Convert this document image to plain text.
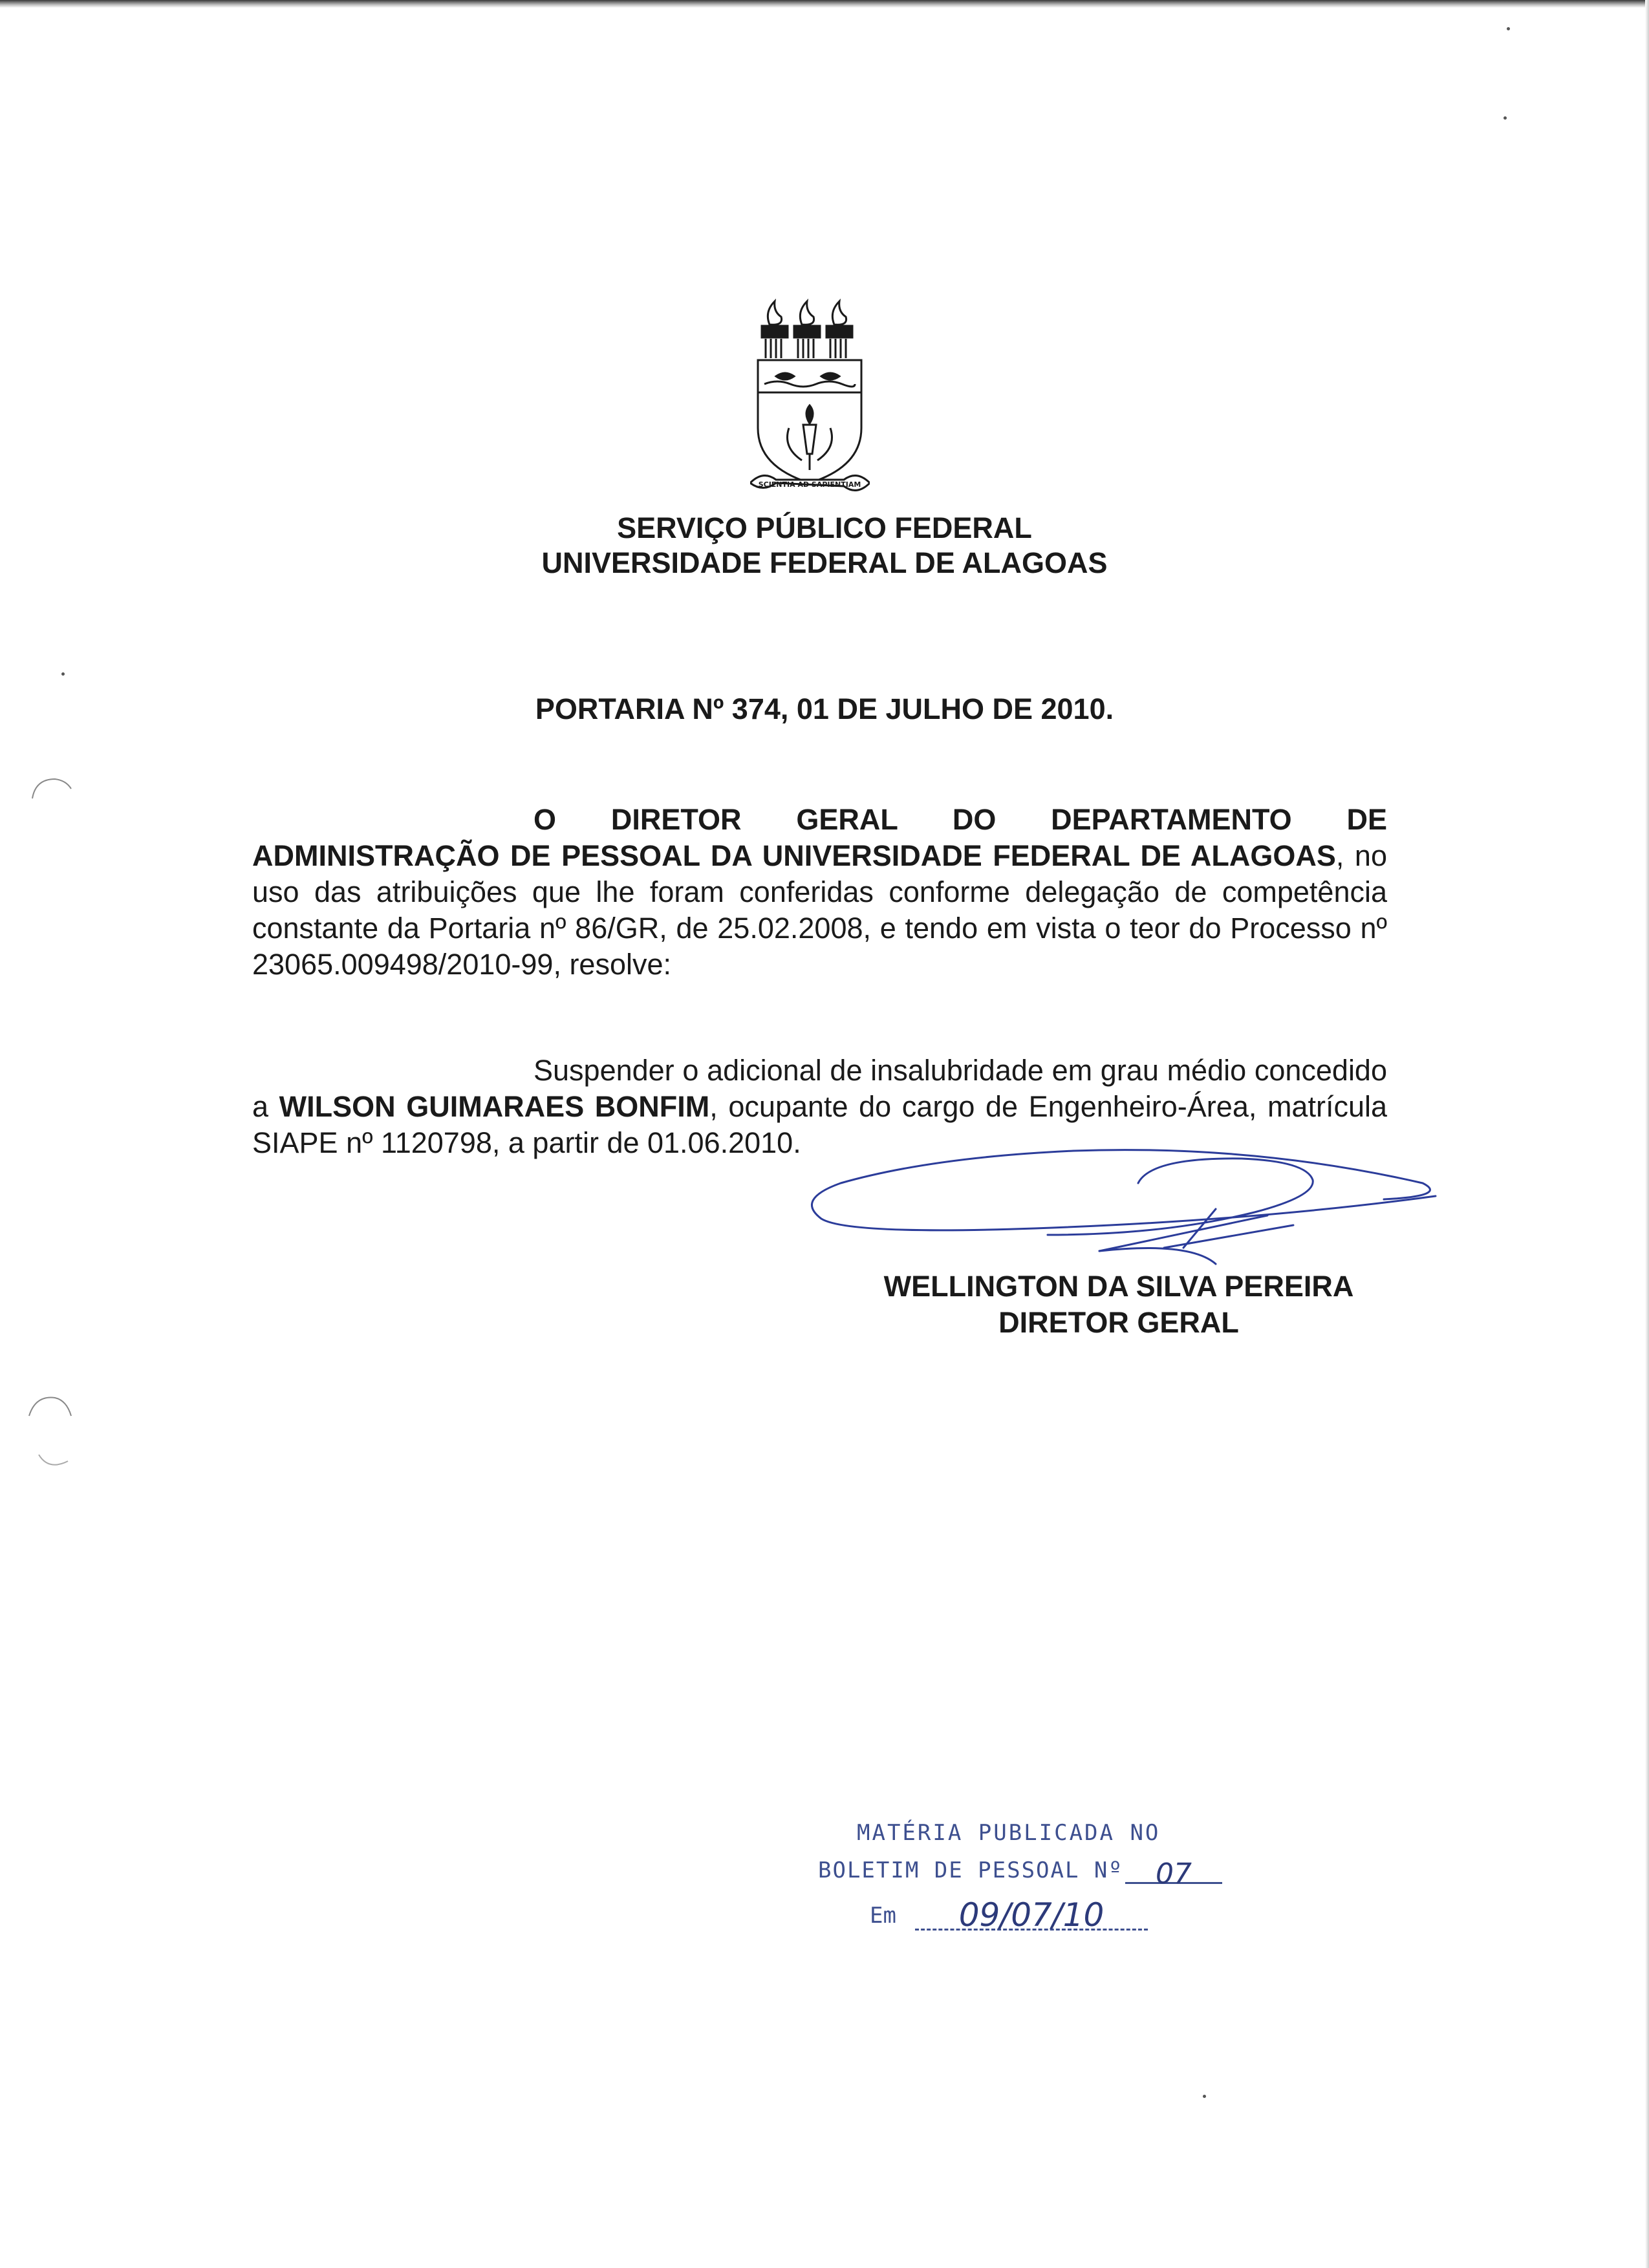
SCIENTIA AD SAPIENTIAM
SERVIÇO PÚBLICO FEDERAL
UNIVERSIDADE FEDERAL DE ALAGOAS
PORTARIA Nº 374, 01 DE JULHO DE 2010.
O DIRETOR GERAL DO DEPARTAMENTO DE ADMINISTRAÇÃO DE PESSOAL DA UNIVERSIDADE FEDERAL DE ALAGOAS, no uso das atribuições que lhe foram conferidas conforme delegação de competência constante da Portaria nº 86/GR, de 25.02.2008, e tendo em vista o teor do Processo nº 23065.009498/2010-99, resolve:
Suspender o adicional de insalubridade em grau médio concedido a WILSON GUIMARAES BONFIM, ocupante do cargo de Engenheiro-Área, matrícula SIAPE nº 1120798, a partir de 01.06.2010.
WELLINGTON DA SILVA PEREIRA
DIRETOR GERAL
MATÉRIA PUBLICADA NO
BOLETIM DE PESSOAL Nº	07
Em	09/07/10
